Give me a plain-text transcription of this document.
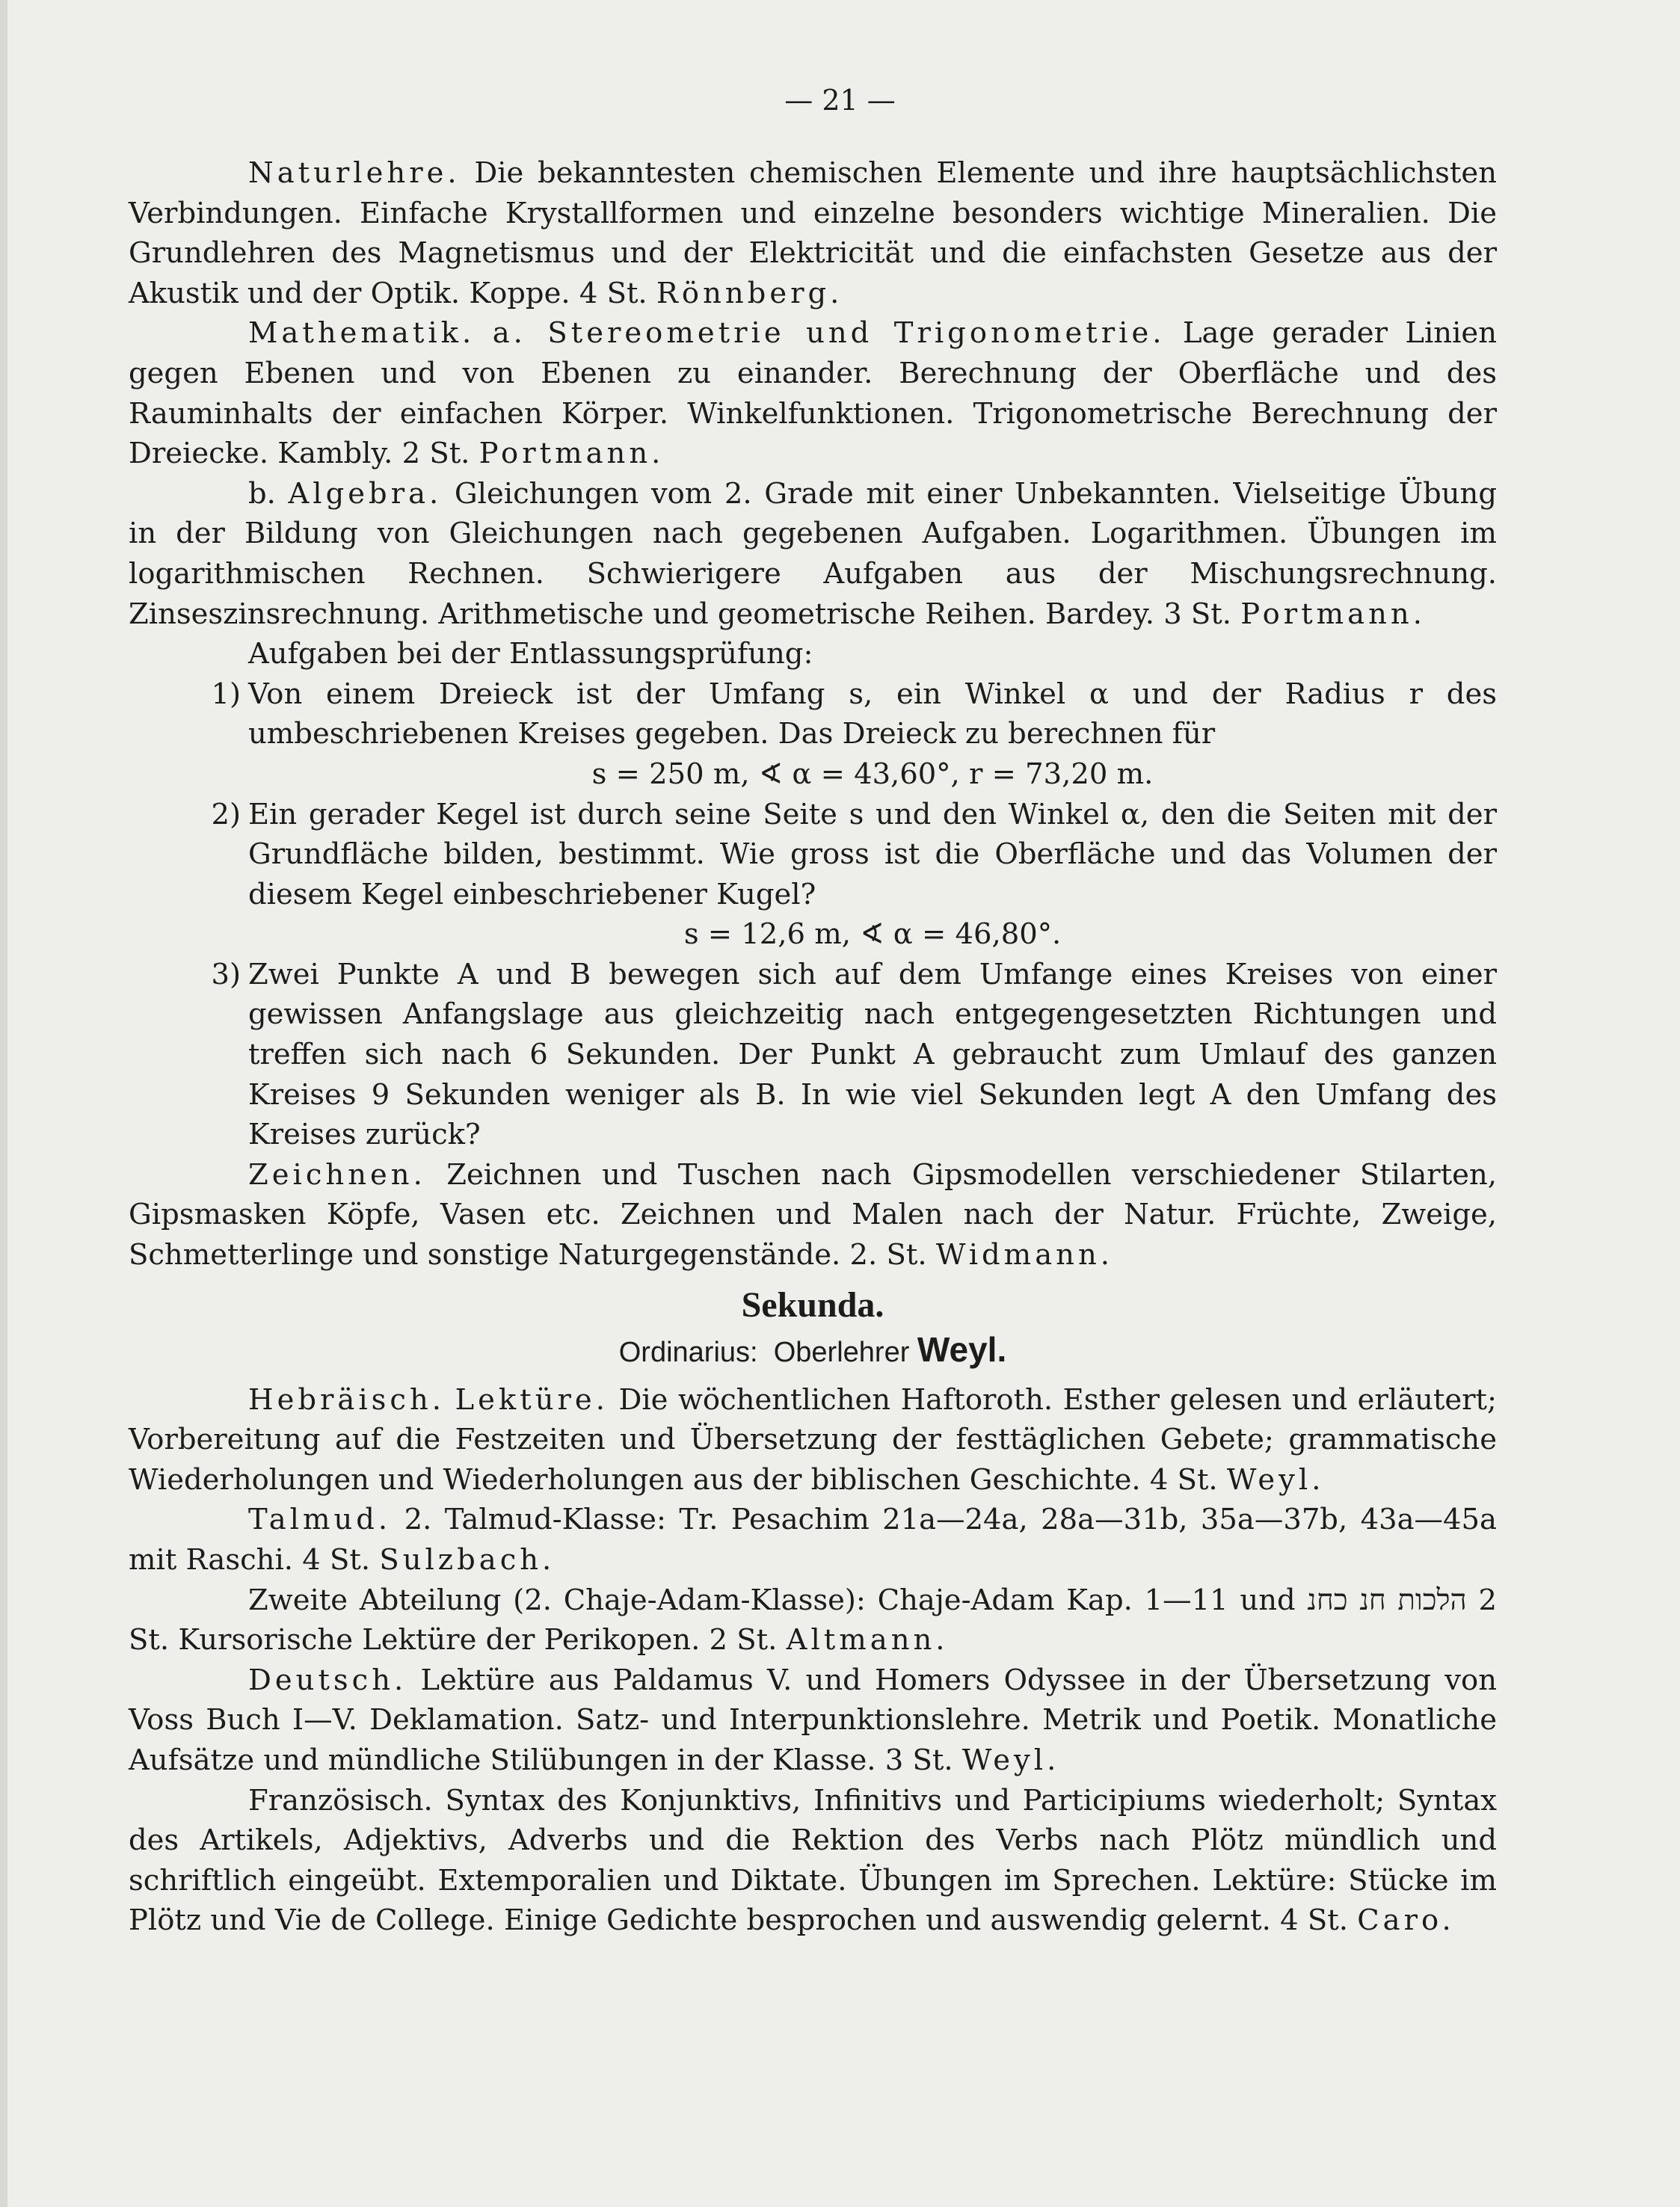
— 21 —

Naturlehre. Die bekanntesten chemischen Elemente und ihre hauptsächlichsten Verbindungen. Einfache Krystallformen und einzelne besonders wichtige Mineralien. Die Grundlehren des Magnetismus und der Elektricität und die einfachsten Gesetze aus der Akustik und der Optik. Koppe. 4 St. Rönnberg.

Mathematik. a. Stereometrie und Trigonometrie. Lage gerader Linien gegen Ebenen und von Ebenen zu einander. Berechnung der Oberfläche und des Rauminhalts der einfachen Körper. Winkelfunktionen. Trigonometrische Berechnung der Dreiecke. Kambly. 2 St. Portmann.

b. Algebra. Gleichungen vom 2. Grade mit einer Unbekannten. Vielseitige Übung in der Bildung von Gleichungen nach gegebenen Aufgaben. Logarithmen. Übungen im logarithmischen Rechnen. Schwierigere Aufgaben aus der Mischungsrechnung. Zinseszinsrechnung. Arithmetische und geometrische Reihen. Bardey. 3 St. Portmann.

Aufgaben bei der Entlassungsprüfung:

1) Von einem Dreieck ist der Umfang s, ein Winkel α und der Radius r des umbeschriebenen Kreises gegeben. Das Dreieck zu berechnen für
s = 250 m, ∢ α = 43,60°, r = 73,20 m.
2) Ein gerader Kegel ist durch seine Seite s und den Winkel α, den die Seiten mit der Grundfläche bilden, bestimmt. Wie gross ist die Oberfläche und das Volumen der diesem Kegel einbeschriebener Kugel?
s = 12,6 m, ∢ α = 46,80°.
3) Zwei Punkte A und B bewegen sich auf dem Umfange eines Kreises von einer gewissen Anfangslage aus gleichzeitig nach entgegengesetzten Richtungen und treffen sich nach 6 Sekunden. Der Punkt A gebraucht zum Umlauf des ganzen Kreises 9 Sekunden weniger als B. In wie viel Sekunden legt A den Umfang des Kreises zurück?

Zeichnen. Zeichnen und Tuschen nach Gipsmodellen verschiedener Stilarten, Gipsmasken Köpfe, Vasen etc. Zeichnen und Malen nach der Natur. Früchte, Zweige, Schmetterlinge und sonstige Naturgegenstände. 2. St. Widmann.

Sekunda.
Ordinarius: Oberlehrer Weyl.

Hebräisch. Lektüre. Die wöchentlichen Haftoroth. Esther gelesen und erläutert; Vorbereitung auf die Festzeiten und Übersetzung der festtäglichen Gebete; grammatische Wiederholungen und Wiederholungen aus der biblischen Geschichte. 4 St. Weyl.

Talmud. 2. Talmud-Klasse: Tr. Pesachim 21a—24a, 28a—31b, 35a—37b, 43a—45a mit Raschi. 4 St. Sulzbach.

Zweite Abteilung (2. Chaje-Adam-Klasse): Chaje-Adam Kap. 1—11 und הלכות חנ כחנ 2 St. Kursorische Lektüre der Perikopen. 2 St. Altmann.

Deutsch. Lektüre aus Paldamus V. und Homers Odyssee in der Übersetzung von Voss Buch I—V. Deklamation. Satz- und Interpunktionslehre. Metrik und Poetik. Monatliche Aufsätze und mündliche Stilübungen in der Klasse. 3 St. Weyl.

Französisch. Syntax des Konjunktivs, Infinitivs und Participiums wiederholt; Syntax des Artikels, Adjektivs, Adverbs und die Rektion des Verbs nach Plötz mündlich und schriftlich eingeübt. Extemporalien und Diktate. Übungen im Sprechen. Lektüre: Stücke im Plötz und Vie de College. Einige Gedichte besprochen und auswendig gelernt. 4 St. Caro.
